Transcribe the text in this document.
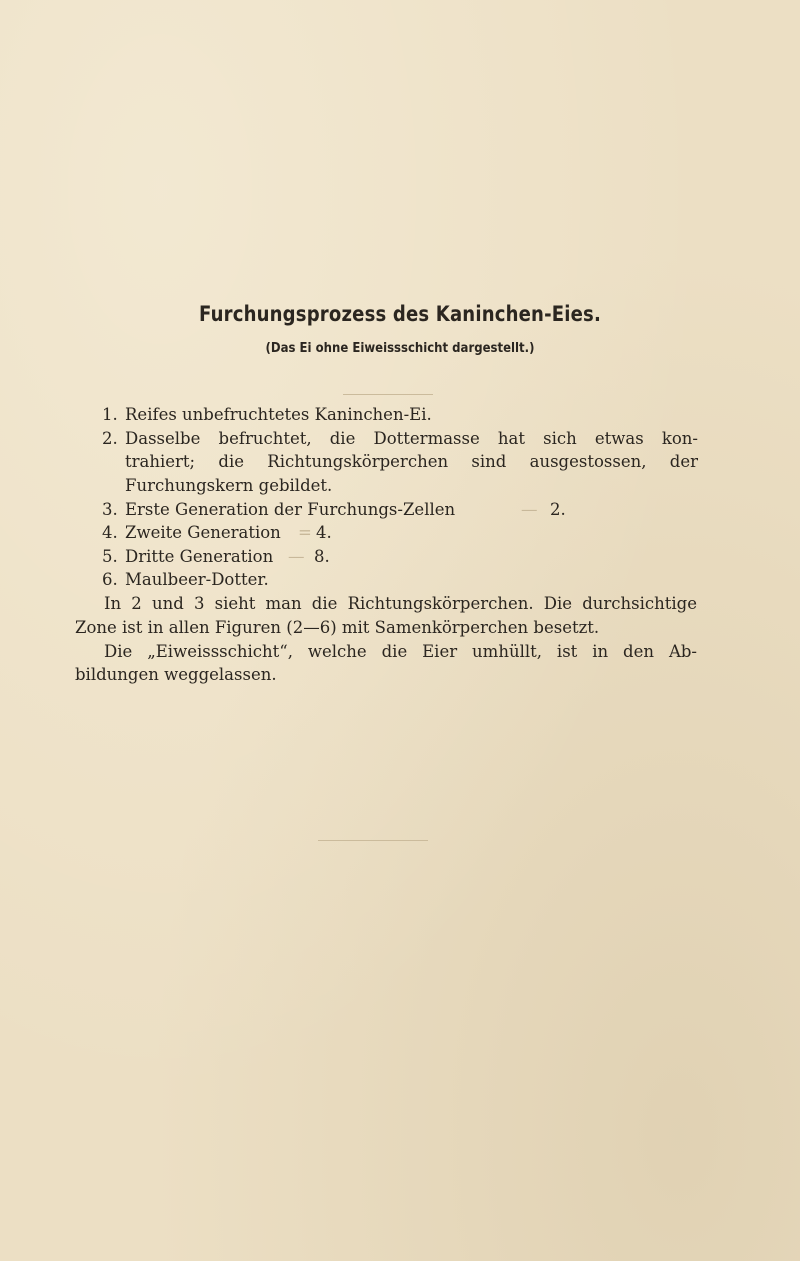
Furchungsprozess des Kaninchen-Eies.
(Das Ei ohne Eiweissschicht dargestellt.)
1. Reifes unbefruchtetes Kaninchen-Ei.
2. Dasselbe befruchtet, die Dottermasse hat sich etwas kon-
trahiert; die Richtungskörperchen sind ausgestossen, der
Furchungskern gebildet.
3. Erste Generation der Furchungs-Zellen	— 2.
4. Zweite Generation = 4.
5. Dritte Generation — 8.
6. Maulbeer-Dotter.
In 2 und 3 sieht man die Richtungskörperchen. Die durchsichtige
Zone ist in allen Figuren (2—6) mit Samenkörperchen besetzt.
Die „Eiweissschicht“, welche die Eier umhüllt, ist in den Ab-
bildungen weggelassen.
